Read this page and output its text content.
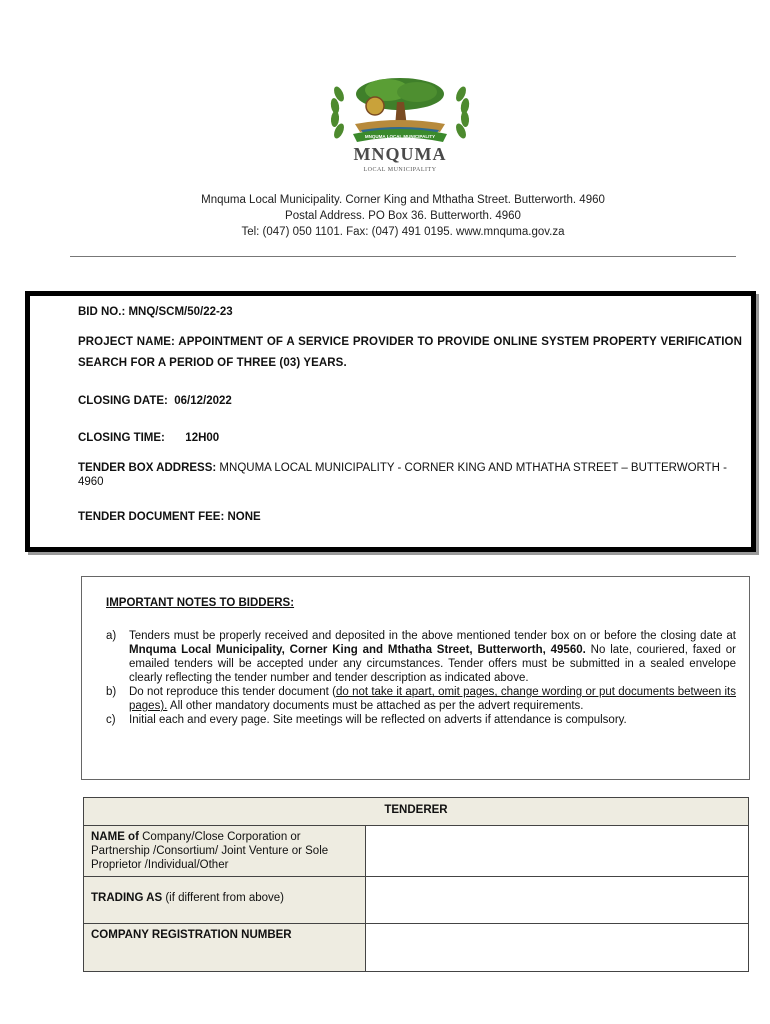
MNQUMA LOCAL MUNICIPALITY
MNQUMA
LOCAL MUNICIPALITY
Mnquma Local Municipality. Corner King and Mthatha Street. Butterworth. 4960
Postal Address. PO Box 36. Butterworth. 4960
Tel: (047) 050 1101. Fax: (047) 491 0195. www.mnquma.gov.za
BID NO.: MNQ/SCM/50/22-23
PROJECT NAME: APPOINTMENT OF A SERVICE PROVIDER TO PROVIDE ONLINE SYSTEM PROPERTY VERIFICATION SEARCH FOR A PERIOD OF THREE (03) YEARS.
CLOSING DATE: 06/12/2022
CLOSING TIME: 12H00
TENDER BOX ADDRESS: MNQUMA LOCAL MUNICIPALITY - CORNER KING AND MTHATHA STREET – BUTTERWORTH - 4960
TENDER DOCUMENT FEE: NONE
IMPORTANT NOTES TO BIDDERS:
a) Tenders must be properly received and deposited in the above mentioned tender box on or before the closing date at Mnquma Local Municipality, Corner King and Mthatha Street, Butterworth, 49560. No late, couriered, faxed or emailed tenders will be accepted under any circumstances. Tender offers must be submitted in a sealed envelope clearly reflecting the tender number and tender description as indicated above.
b) Do not reproduce this tender document (do not take it apart, omit pages, change wording or put documents between its pages). All other mandatory documents must be attached as per the advert requirements.
c) Initial each and every page. Site meetings will be reflected on adverts if attendance is compulsory.
TENDERER	
NAME of Company/Close Corporation or Partnership /Consortium/ Joint Venture or Sole Proprietor /Individual/Other	
TRADING AS (if different from above)	
COMPANY REGISTRATION NUMBER	
